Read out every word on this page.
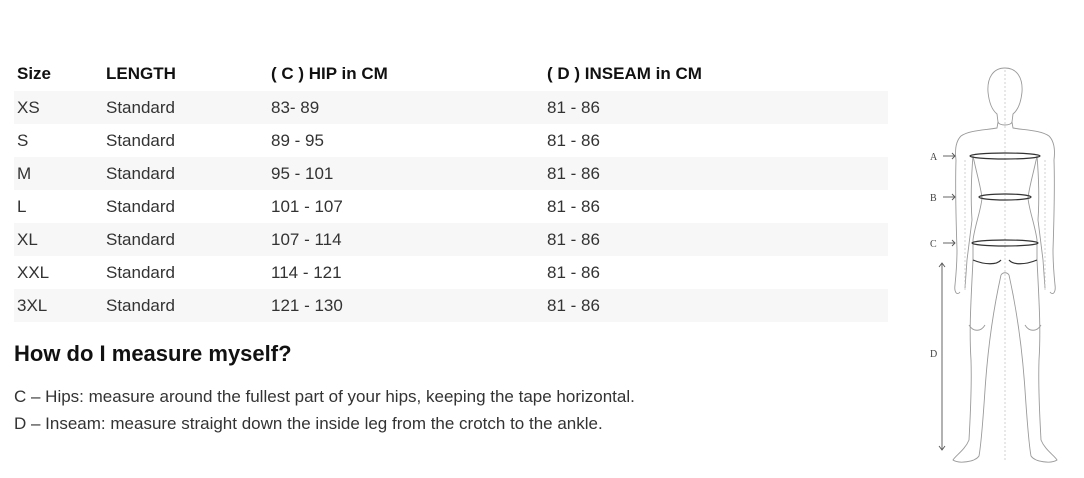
Size	LENGTH	( C ) HIP in CM	( D ) INSEAM in CM
XS	Standard	83- 89	81 - 86
S	Standard	89 - 95	81 - 86
M	Standard	95 - 101	81 - 86
L	Standard	101 - 107	81 - 86
XL	Standard	107 - 114	81 - 86
XXL	Standard	114 - 121	81 - 86
3XL	Standard	121 - 130	81 - 86
How do I measure myself?

C – Hips: measure around the fullest part of your hips, keeping the tape horizontal.

D – Inseam: measure straight down the inside leg from the crotch to the ankle.

A
B
C
D
